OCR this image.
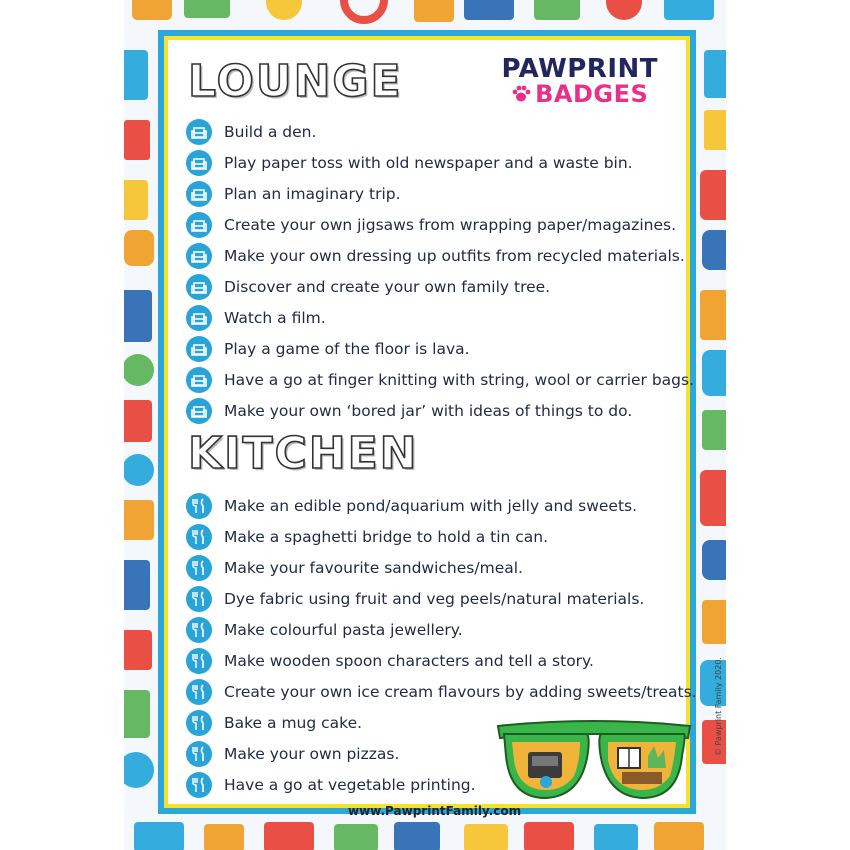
LOUNGE	PAWPRINT
BADGES
Build a den.
Play paper toss with old newspaper and a waste bin.
Plan an imaginary trip.
Create your own jigsaws from wrapping paper/magazines.
Make your own dressing up outfits from recycled materials.
Discover and create your own family tree.
Watch a film.
Play a game of the floor is lava.
Have a go at finger knitting with string, wool or carrier bags.
Make your own ‘bored jar’ with ideas of things to do.
KITCHEN
Make an edible pond/aquarium with jelly and sweets.
Make a spaghetti bridge to hold a tin can.
Make your favourite sandwiches/meal.
Dye fabric using fruit and veg peels/natural materials.
Make colourful pasta jewellery.
Make wooden spoon characters and tell a story.
Create your own ice cream flavours by adding sweets/treats.
Bake a mug cake.
Make your own pizzas.
Have a go at vegetable printing.
www.PawprintFamily.com
© Pawprint Family 2020.
